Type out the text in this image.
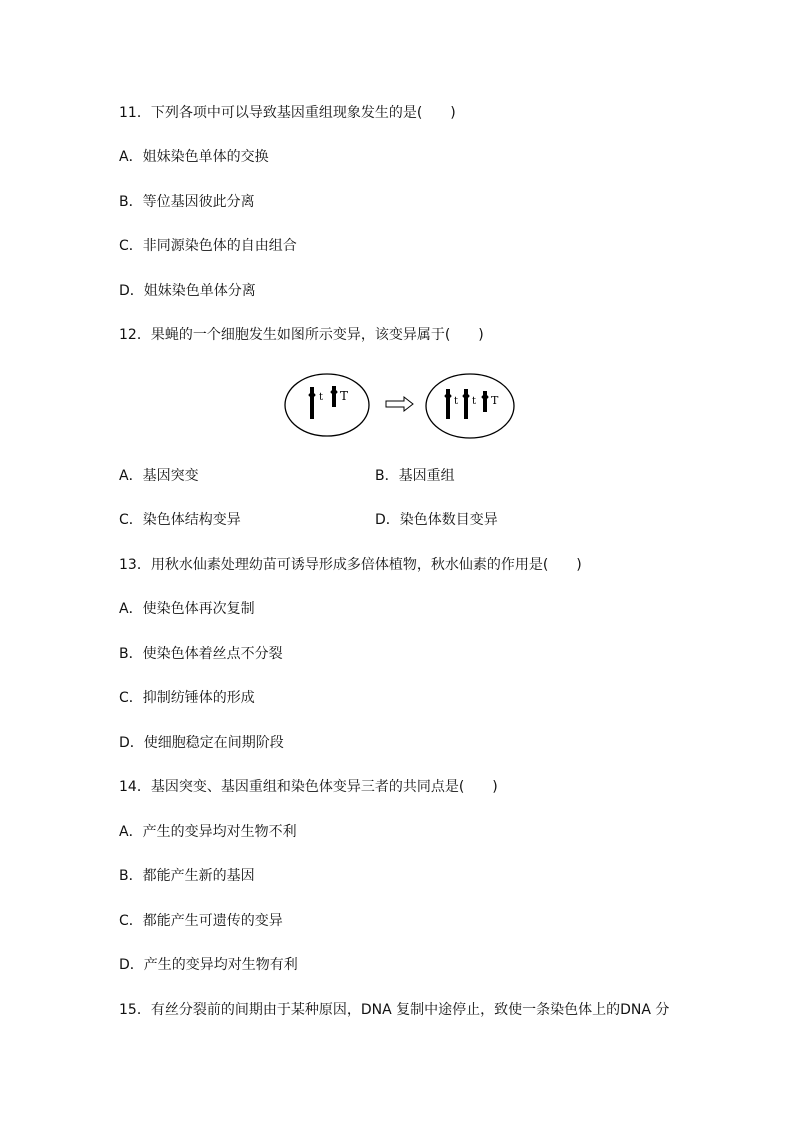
11．下列各项中可以导致基因重组现象发生的是(　　)
A．姐妹染色单体的交换
B．等位基因彼此分离
C．非同源染色体的自由组合
D．姐妹染色单体分离
12．果蝇的一个细胞发生如图所示变异，该变异属于(　　)
t T	t t T
A．基因突变	B．基因重组
C．染色体结构变异	D．染色体数目变异
13．用秋水仙素处理幼苗可诱导形成多倍体植物，秋水仙素的作用是(　　)
A．使染色体再次复制
B．使染色体着丝点不分裂
C．抑制纺锤体的形成
D．使细胞稳定在间期阶段
14．基因突变、基因重组和染色体变异三者的共同点是(　　)
A．产生的变异均对生物不利
B．都能产生新的基因
C．都能产生可遗传的变异
D．产生的变异均对生物有利
15．有丝分裂前的间期由于某种原因，DNA 复制中途停止，致使一条染色体上的DNA 分
